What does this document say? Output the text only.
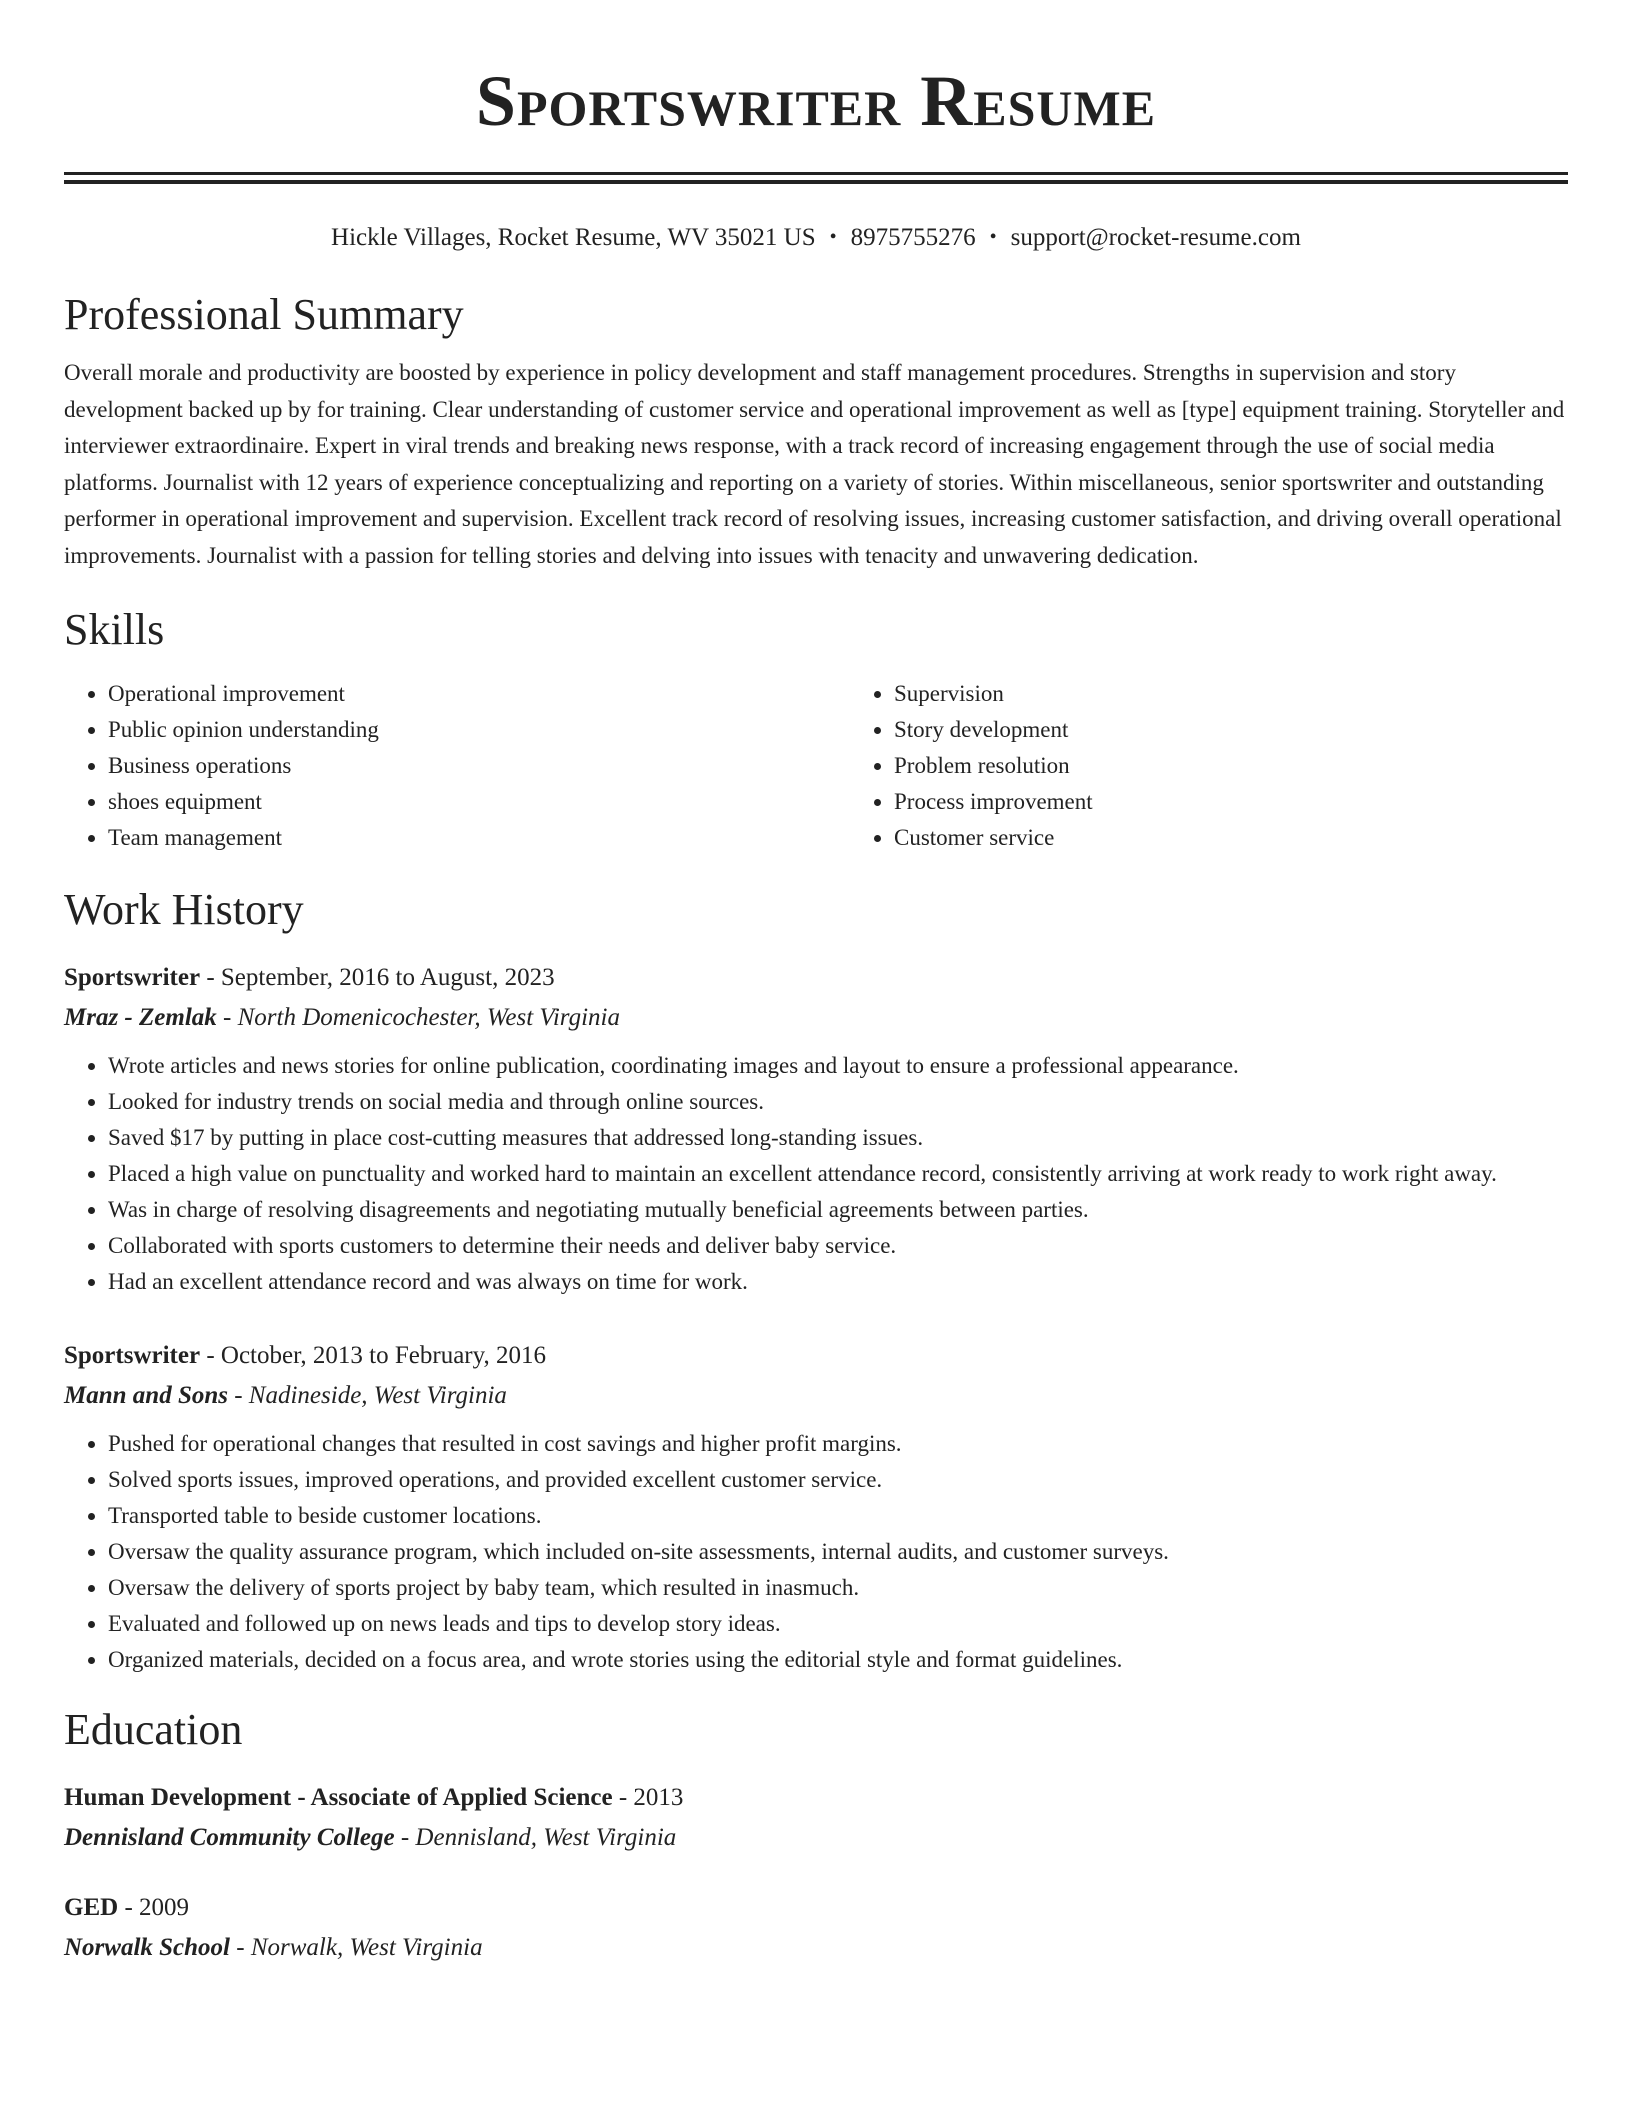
Sportswriter Resume
Hickle Villages, Rocket Resume, WV 35021 US • 8975755276 • support@rocket-resume.com
Professional Summary
Overall morale and productivity are boosted by experience in policy development and staff management procedures. Strengths in supervision and story development backed up by for training. Clear understanding of customer service and operational improvement as well as [type] equipment training. Storyteller and interviewer extraordinaire. Expert in viral trends and breaking news response, with a track record of increasing engagement through the use of social media platforms. Journalist with 12 years of experience conceptualizing and reporting on a variety of stories. Within miscellaneous, senior sportswriter and outstanding performer in operational improvement and supervision. Excellent track record of resolving issues, increasing customer satisfaction, and driving overall operational improvements. Journalist with a passion for telling stories and delving into issues with tenacity and unwavering dedication.
Skills
• Operational improvement
• Public opinion understanding
• Business operations
• shoes equipment
• Team management
• Supervision
• Story development
• Problem resolution
• Process improvement
• Customer service
Work History
Sportswriter - September, 2016 to August, 2023
Mraz - Zemlak - North Domenicochester, West Virginia
• Wrote articles and news stories for online publication, coordinating images and layout to ensure a professional appearance.
• Looked for industry trends on social media and through online sources.
• Saved $17 by putting in place cost-cutting measures that addressed long-standing issues.
• Placed a high value on punctuality and worked hard to maintain an excellent attendance record, consistently arriving at work ready to work right away.
• Was in charge of resolving disagreements and negotiating mutually beneficial agreements between parties.
• Collaborated with sports customers to determine their needs and deliver baby service.
• Had an excellent attendance record and was always on time for work.
Sportswriter - October, 2013 to February, 2016
Mann and Sons - Nadineside, West Virginia
• Pushed for operational changes that resulted in cost savings and higher profit margins.
• Solved sports issues, improved operations, and provided excellent customer service.
• Transported table to beside customer locations.
• Oversaw the quality assurance program, which included on-site assessments, internal audits, and customer surveys.
• Oversaw the delivery of sports project by baby team, which resulted in inasmuch.
• Evaluated and followed up on news leads and tips to develop story ideas.
• Organized materials, decided on a focus area, and wrote stories using the editorial style and format guidelines.
Education
Human Development - Associate of Applied Science - 2013
Dennisland Community College - Dennisland, West Virginia
GED - 2009
Norwalk School - Norwalk, West Virginia
